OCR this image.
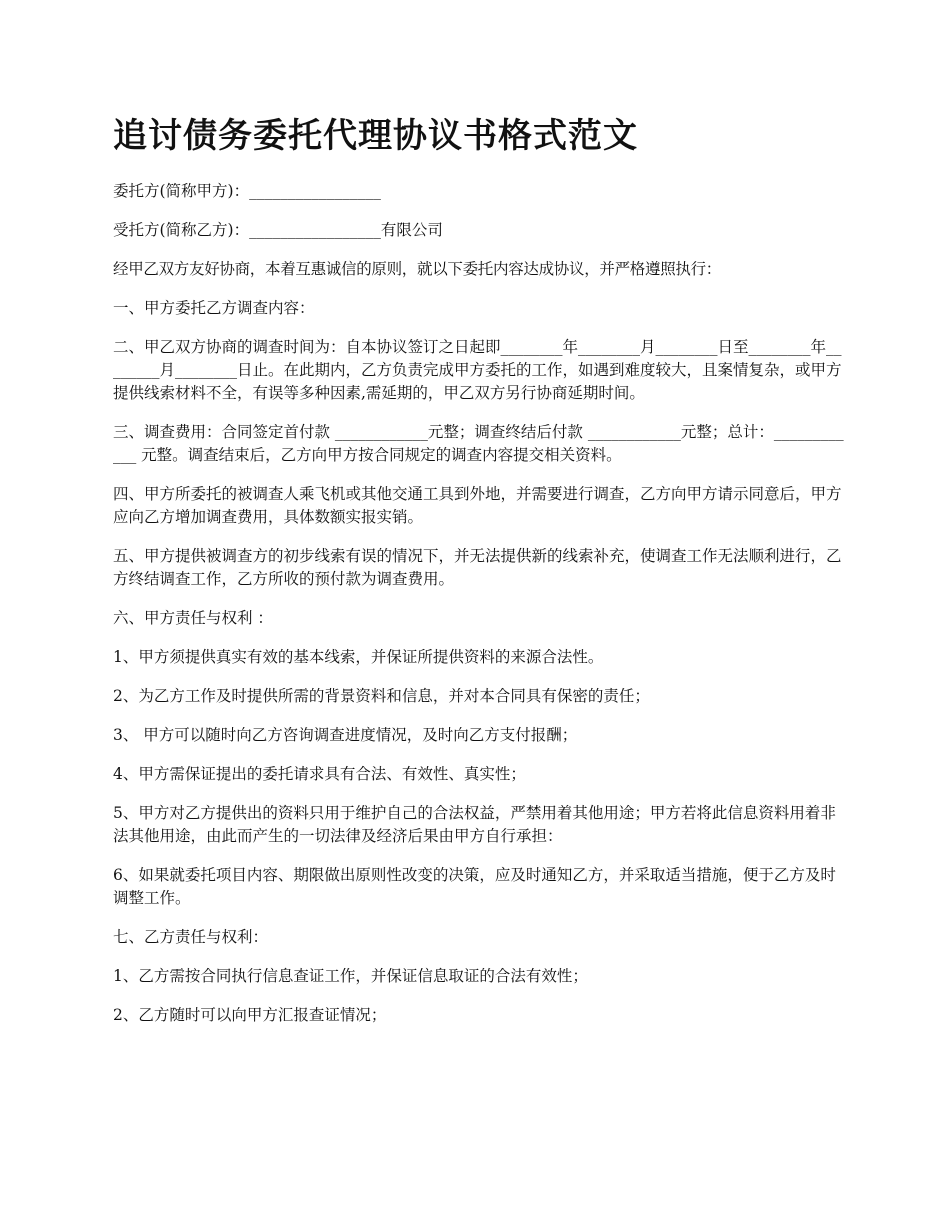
追讨债务委托代理协议书格式范文

委托方(简称甲方)：_________________

受托方(简称乙方)：_________________有限公司

经甲乙双方友好协商，本着互惠诚信的原则，就以下委托内容达成协议，并严格遵照执行：

一、甲方委托乙方调查内容：

二、甲乙双方协商的调查时间为：自本协议签订之日起即________年________月________日至________年________月________日止。在此期内，乙方负责完成甲方委托的工作，如遇到难度较大，且案情复杂，或甲方提供线索材料不全，有误等多种因素,需延期的，甲乙双方另行协商延期时间。

三、调查费用：合同签定首付款 ____________元整；调查终结后付款 ____________元整；总计：____________ 元整。调查结束后，乙方向甲方按合同规定的调查内容提交相关资料。

四、甲方所委托的被调查人乘飞机或其他交通工具到外地，并需要进行调查，乙方向甲方请示同意后，甲方应向乙方增加调查费用，具体数额实报实销。

五、甲方提供被调查方的初步线索有误的情况下，并无法提供新的线索补充，使调查工作无法顺利进行，乙方终结调查工作，乙方所收的预付款为调查费用。

六、甲方责任与权利 ：

1、甲方须提供真实有效的基本线索，并保证所提供资料的来源合法性。

2、为乙方工作及时提供所需的背景资料和信息，并对本合同具有保密的责任；

3、 甲方可以随时向乙方咨询调查进度情况，及时向乙方支付报酬；

4、甲方需保证提出的委托请求具有合法、有效性、真实性；

5、甲方对乙方提供出的资料只用于维护自己的合法权益，严禁用着其他用途；甲方若将此信息资料用着非法其他用途，由此而产生的一切法律及经济后果由甲方自行承担：

6、如果就委托项目内容、期限做出原则性改变的决策，应及时通知乙方，并采取适当措施，便于乙方及时调整工作。

七、乙方责任与权利：

1、乙方需按合同执行信息查证工作，并保证信息取证的合法有效性；

2、乙方随时可以向甲方汇报查证情况；
